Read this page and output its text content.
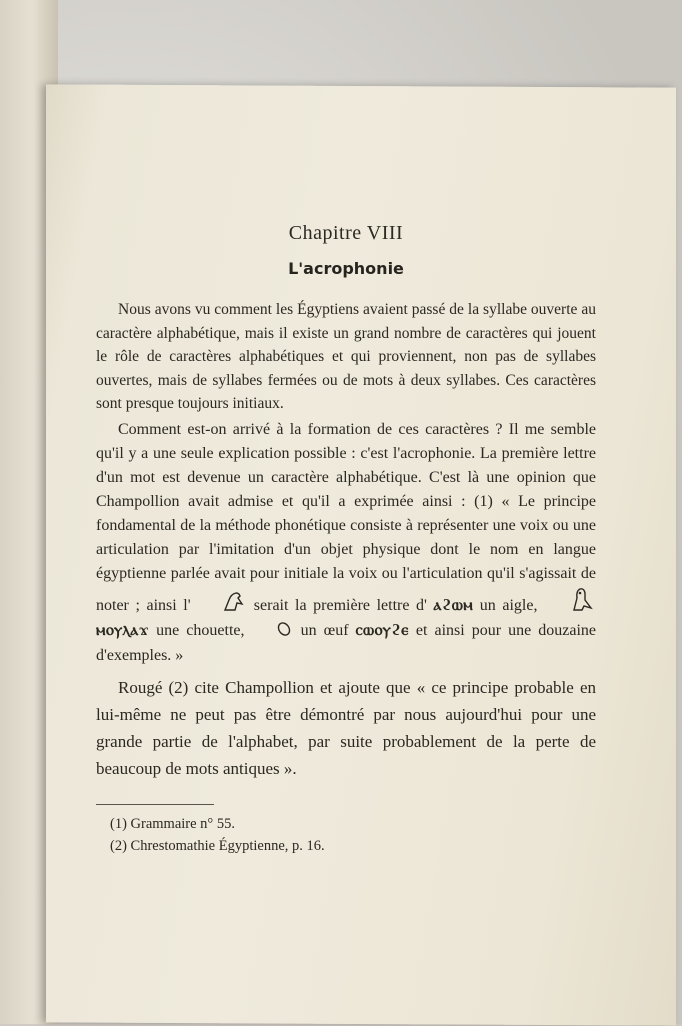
Chapitre VIII
L'acrophonie

Nous avons vu comment les Égyptiens avaient passé de la syllabe ouverte au caractère alphabétique, mais il existe un grand nombre de caractères qui jouent le rôle de caractères alphabétiques et qui proviennent, non pas de syllabes ouvertes, mais de syllabes fermées ou de mots à deux syllabes. Ces caractères sont presque toujours initiaux.

Comment est-on arrivé à la formation de ces caractères ? Il me semble qu'il y a une seule explication possible : c'est l'acrophonie. La première lettre d'un mot est devenue un caractère alphabétique. C'est là une opinion que Champollion avait admise et qu'il a exprimée ainsi : (1) « Le principe fondamental de la méthode phonétique consiste à représenter une voix ou une articulation par l'imitation d'un objet physique dont le nom en langue égyptienne parlée avait pour initiale la voix ou l'articulation qu'il s'agissait de noter ; ainsi l'	serait la première lettre d' ⲁϩⲱⲙ un aigle,  ⲙⲟⲩⲗⲁϫ une chouette,	un œuf ⲥⲱⲟⲩϩⲉ et ainsi pour une douzaine d'exemples. »

Rougé (2) cite Champollion et ajoute que « ce principe probable en lui-même ne peut pas être démontré par nous aujourd'hui pour une grande partie de l'alphabet, par suite probablement de la perte de beaucoup de mots antiques ».

(1) Grammaire n° 55.

(2) Chrestomathie Égyptienne, p. 16.
